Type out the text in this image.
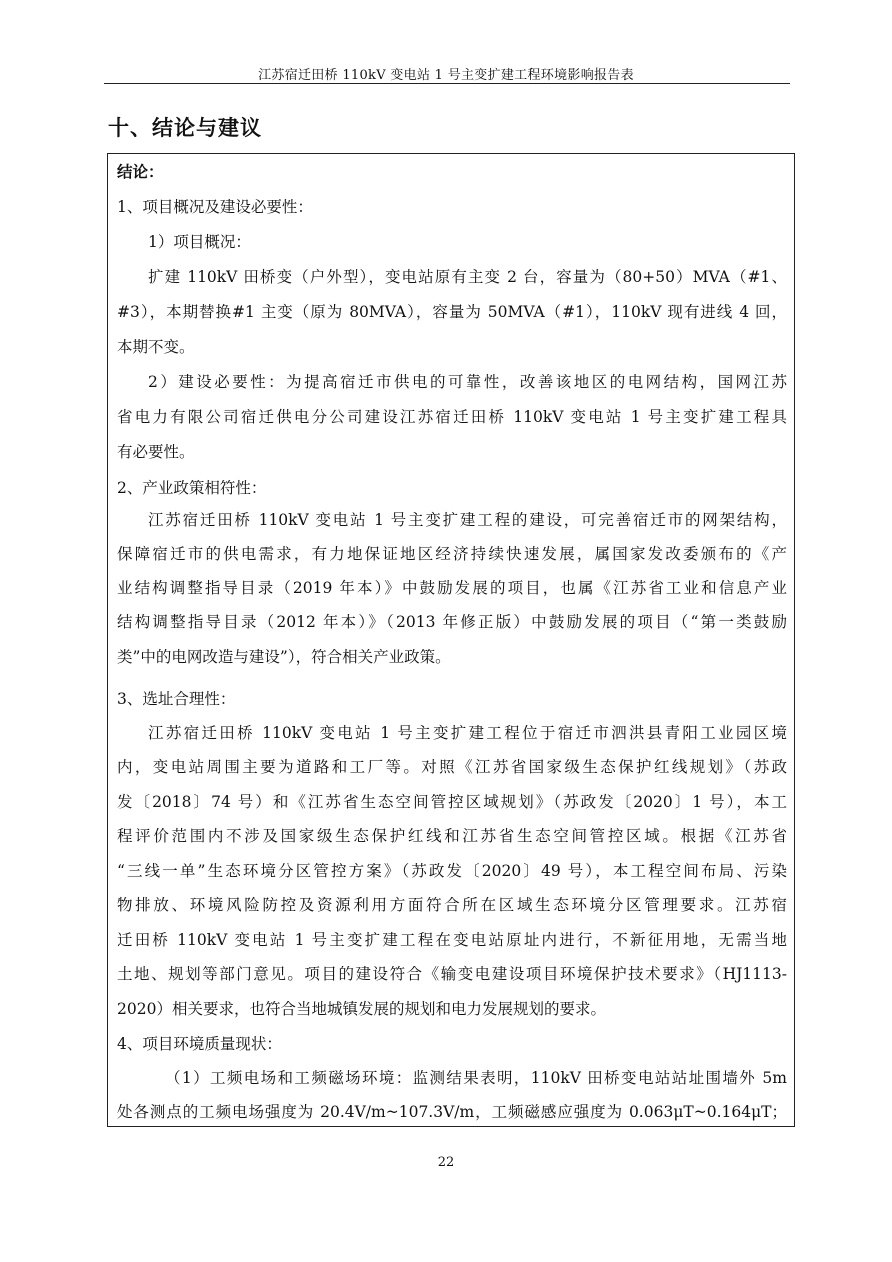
江苏宿迁田桥 110kV 变电站 1 号主变扩建工程环境影响报告表
十、结论与建议
结论：
1、项目概况及建设必要性：
1）项目概况：
扩建 110kV 田桥变（户外型），变电站原有主变 2 台，容量为（80+50）MVA（#1、
#3），本期替换#1 主变（原为 80MVA），容量为 50MVA（#1），110kV 现有进线 4 回，
本期不变。
2）建设必要性：为提高宿迁市供电的可靠性，改善该地区的电网结构，国网江苏
省电力有限公司宿迁供电分公司建设江苏宿迁田桥 110kV 变电站 1 号主变扩建工程具
有必要性。
2、产业政策相符性：
江苏宿迁田桥 110kV 变电站 1 号主变扩建工程的建设，可完善宿迁市的网架结构，
保障宿迁市的供电需求，有力地保证地区经济持续快速发展，属国家发改委颁布的《产
业结构调整指导目录（2019 年本）》中鼓励发展的项目，也属《江苏省工业和信息产业
结构调整指导目录（2012 年本）》（2013 年修正版）中鼓励发展的项目（“第一类鼓励
类”中的电网改造与建设”），符合相关产业政策。
3、选址合理性：
江苏宿迁田桥 110kV 变电站 1 号主变扩建工程位于宿迁市泗洪县青阳工业园区境
内，变电站周围主要为道路和工厂等。对照《江苏省国家级生态保护红线规划》（苏政
发〔2018〕74 号）和《江苏省生态空间管控区域规划》（苏政发〔2020〕1 号），本工
程评价范围内不涉及国家级生态保护红线和江苏省生态空间管控区域。根据《江苏省
“三线一单”生态环境分区管控方案》（苏政发〔2020〕49 号），本工程空间布局、污染
物排放、环境风险防控及资源利用方面符合所在区域生态环境分区管理要求。江苏宿
迁田桥 110kV 变电站 1 号主变扩建工程在变电站原址内进行，不新征用地，无需当地
土地、规划等部门意见。项目的建设符合《输变电建设项目环境保护技术要求》（HJ1113-
2020）相关要求，也符合当地城镇发展的规划和电力发展规划的要求。
4、项目环境质量现状：
（1）工频电场和工频磁场环境：监测结果表明，110kV 田桥变电站站址围墙外 5m
处各测点的工频电场强度为 20.4V/m~107.3V/m，工频磁感应强度为 0.063μT~0.164μT；
22
